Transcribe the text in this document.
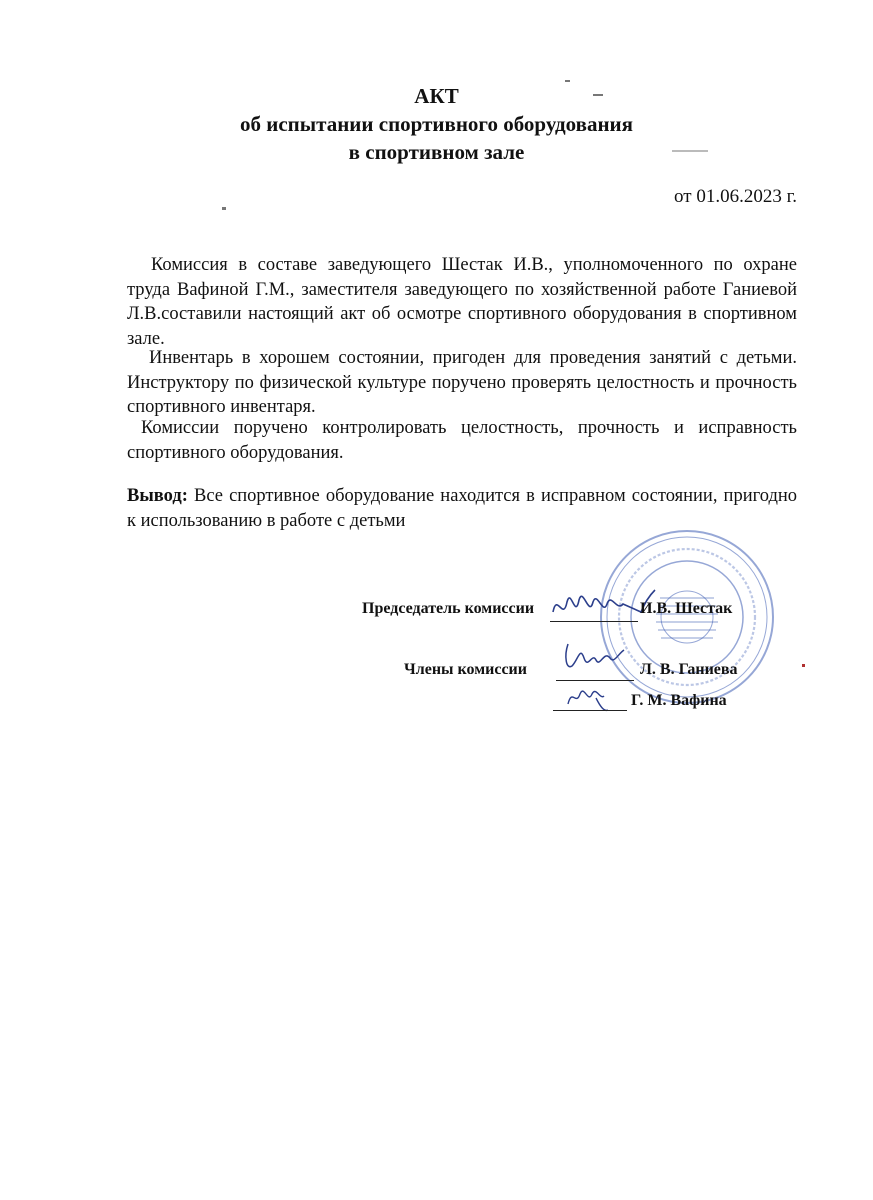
АКТ
об испытании спортивного оборудования
в спортивном зале
от 01.06.2023 г.
Комиссия в составе заведующего Шестак И.В., уполномоченного по охране труда Вафиной Г.М., заместителя заведующего по хозяйственной работе Ганиевой Л.В.составили настоящий акт об осмотре спортивного оборудования в спортивном зале.
Инвентарь в хорошем состоянии, пригоден для проведения занятий с детьми. Инструктору по физической культуре поручено проверять целостность и прочность спортивного инвентаря.
Комиссии поручено контролировать целостность, прочность и исправность спортивного оборудования.
Вывод: Все спортивное оборудование находится в исправном состоянии, пригодно к использованию в работе с детьми
Председатель комиссии	И.В. Шестак
Члены комиссии	Л. В. Ганиева
Г. М. Вафина
